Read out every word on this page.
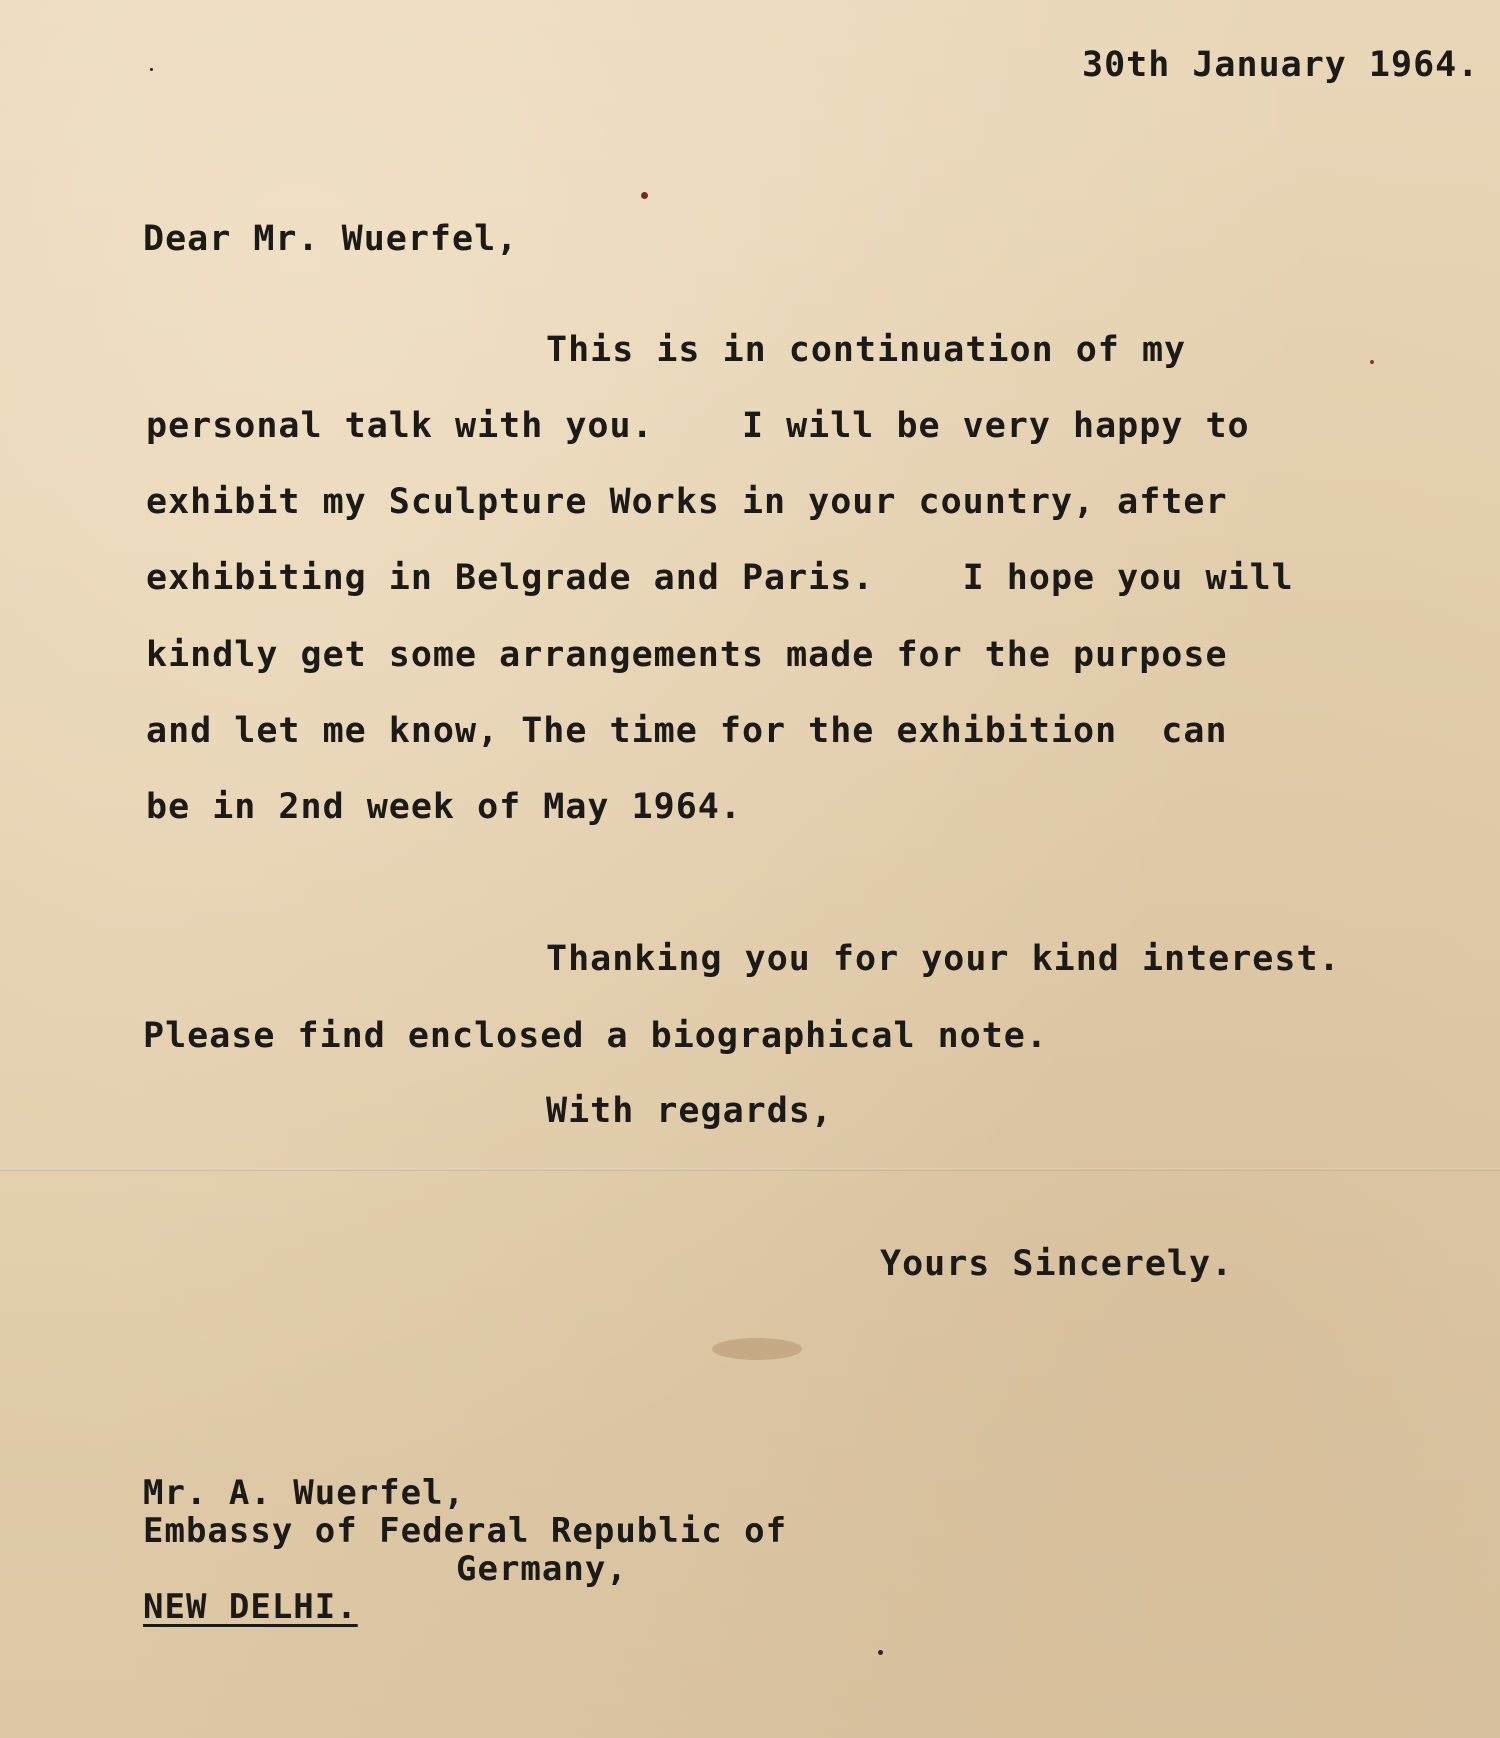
30th January 1964.
Dear Mr. Wuerfel,
This is in continuation of my
personal talk with you.    I will be very happy to
exhibit my Sculpture Works in your country, after
exhibiting in Belgrade and Paris.    I hope you will
kindly get some arrangements made for the purpose
and let me know, The time for the exhibition  can
be in 2nd week of May 1964.
Thanking you for your kind interest.
Please find enclosed a biographical note.
With regards,
Yours Sincerely.
Mr. A. Wuerfel,
Embassy of Federal Republic of
Germany,
NEW DELHI.
